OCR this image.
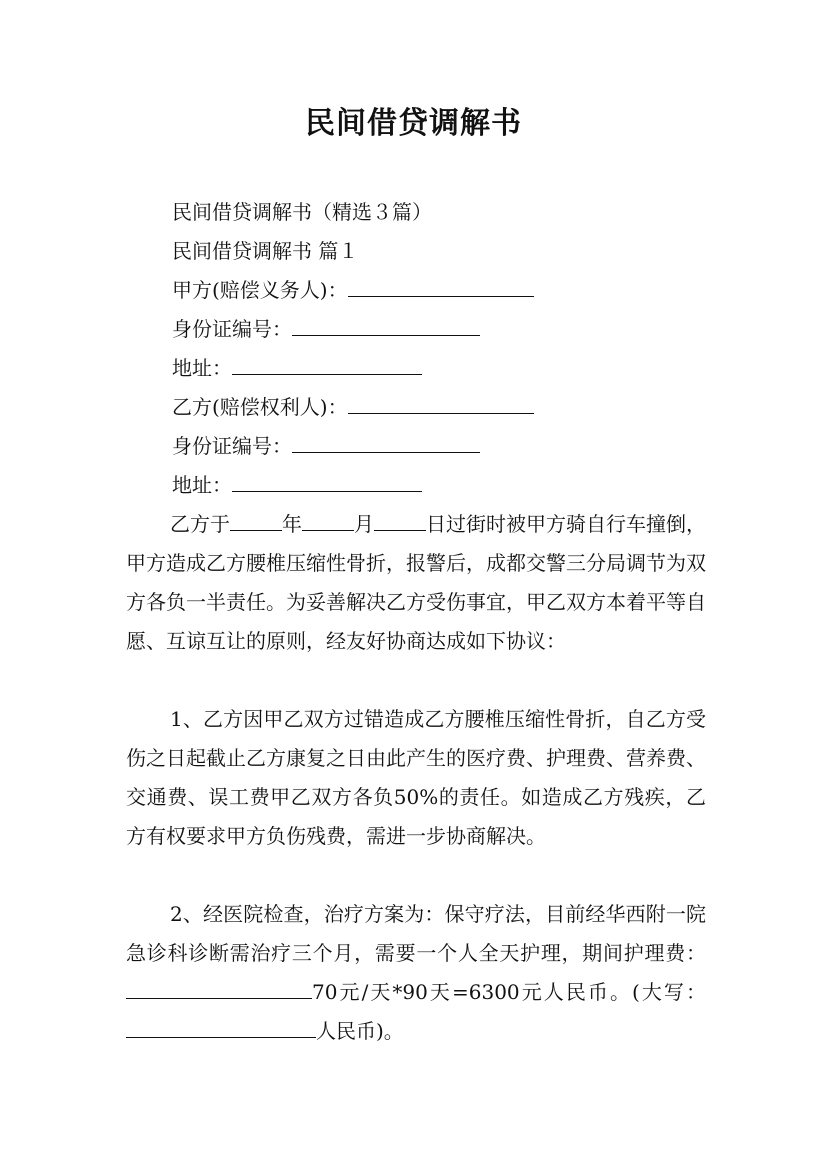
民间借贷调解书
民间借贷调解书（精选３篇）
民间借贷调解书 篇１
甲方(赔偿义务人)：
身份证编号：
地址：
乙方(赔偿权利人)：
身份证编号：
地址：
乙方于	年	月	日过街时被甲方骑自行车撞倒，甲方造成乙方腰椎压缩性骨折，报警后，成都交警三分局调节为双方各负一半责任。为妥善解决乙方受伤事宜，甲乙双方本着平等自愿、互谅互让的原则，经友好协商达成如下协议：
1、乙方因甲乙双方过错造成乙方腰椎压缩性骨折，自乙方受伤之日起截止乙方康复之日由此产生的医疗费、护理费、营养费、交通费、误工费甲乙双方各负50%的责任。如造成乙方残疾，乙方有权要求甲方负伤残费，需进一步协商解决。
2、经医院检查，治疗方案为：保守疗法，目前经华西附一院急诊科诊断需治疗三个月，需要一个人全天护理，期间护理费：70元/天*90天=6300元人民币。(大写：人民币)。
